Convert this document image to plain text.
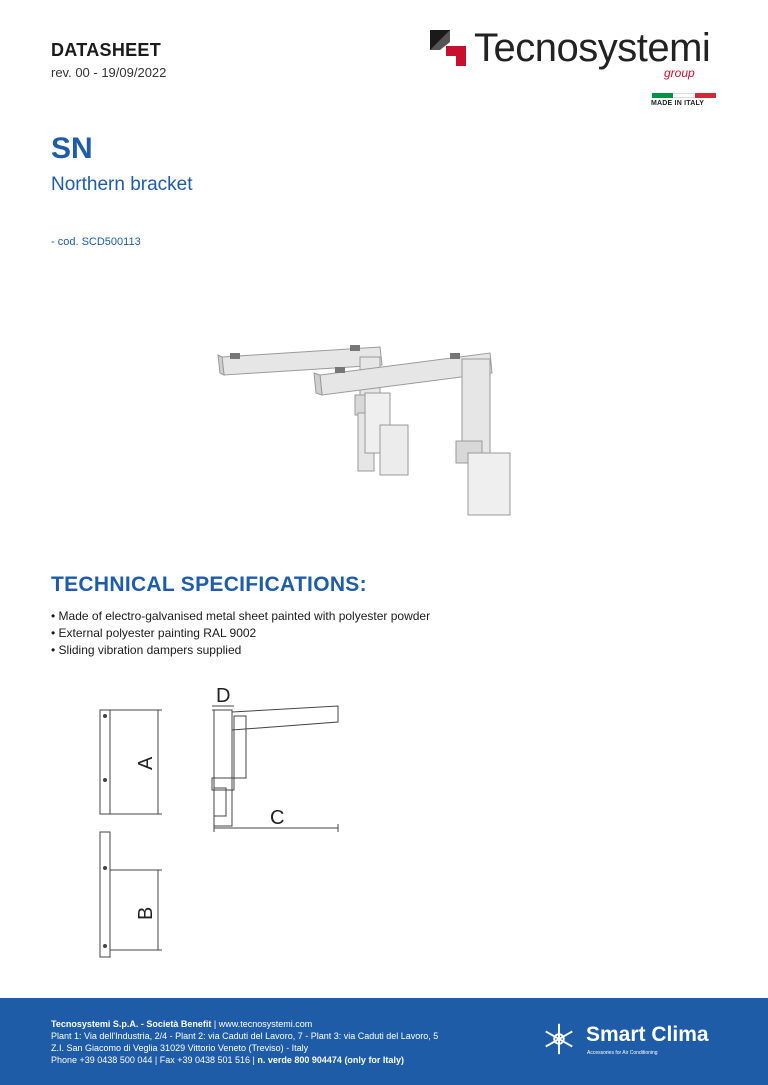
DATASHEET
rev. 00 - 19/09/2022
Tecnosystemi
group
MADE IN ITALY
SN
Northern bracket
- cod. SCD500113
TECHNICAL SPECIFICATIONS:
• Made of electro-galvanised metal sheet painted with polyester powder
• External polyester painting RAL 9002
• Sliding vibration dampers supplied
A
B
C
D
Tecnosystemi S.p.A. - Società Benefit | www.tecnosystemi.com
Plant 1: Via dell'Industria, 2/4 - Plant 2: via Caduti del Lavoro, 7 - Plant 3: via Caduti del Lavoro, 5
Z.I. San Giacomo di Veglia 31029 Vittorio Veneto (Treviso) - Italy
Phone +39 0438 500 044 | Fax +39 0438 501 516 | n. verde 800 904474 (only for Italy)
Smart Clima
Accessories for Air Conditioning
